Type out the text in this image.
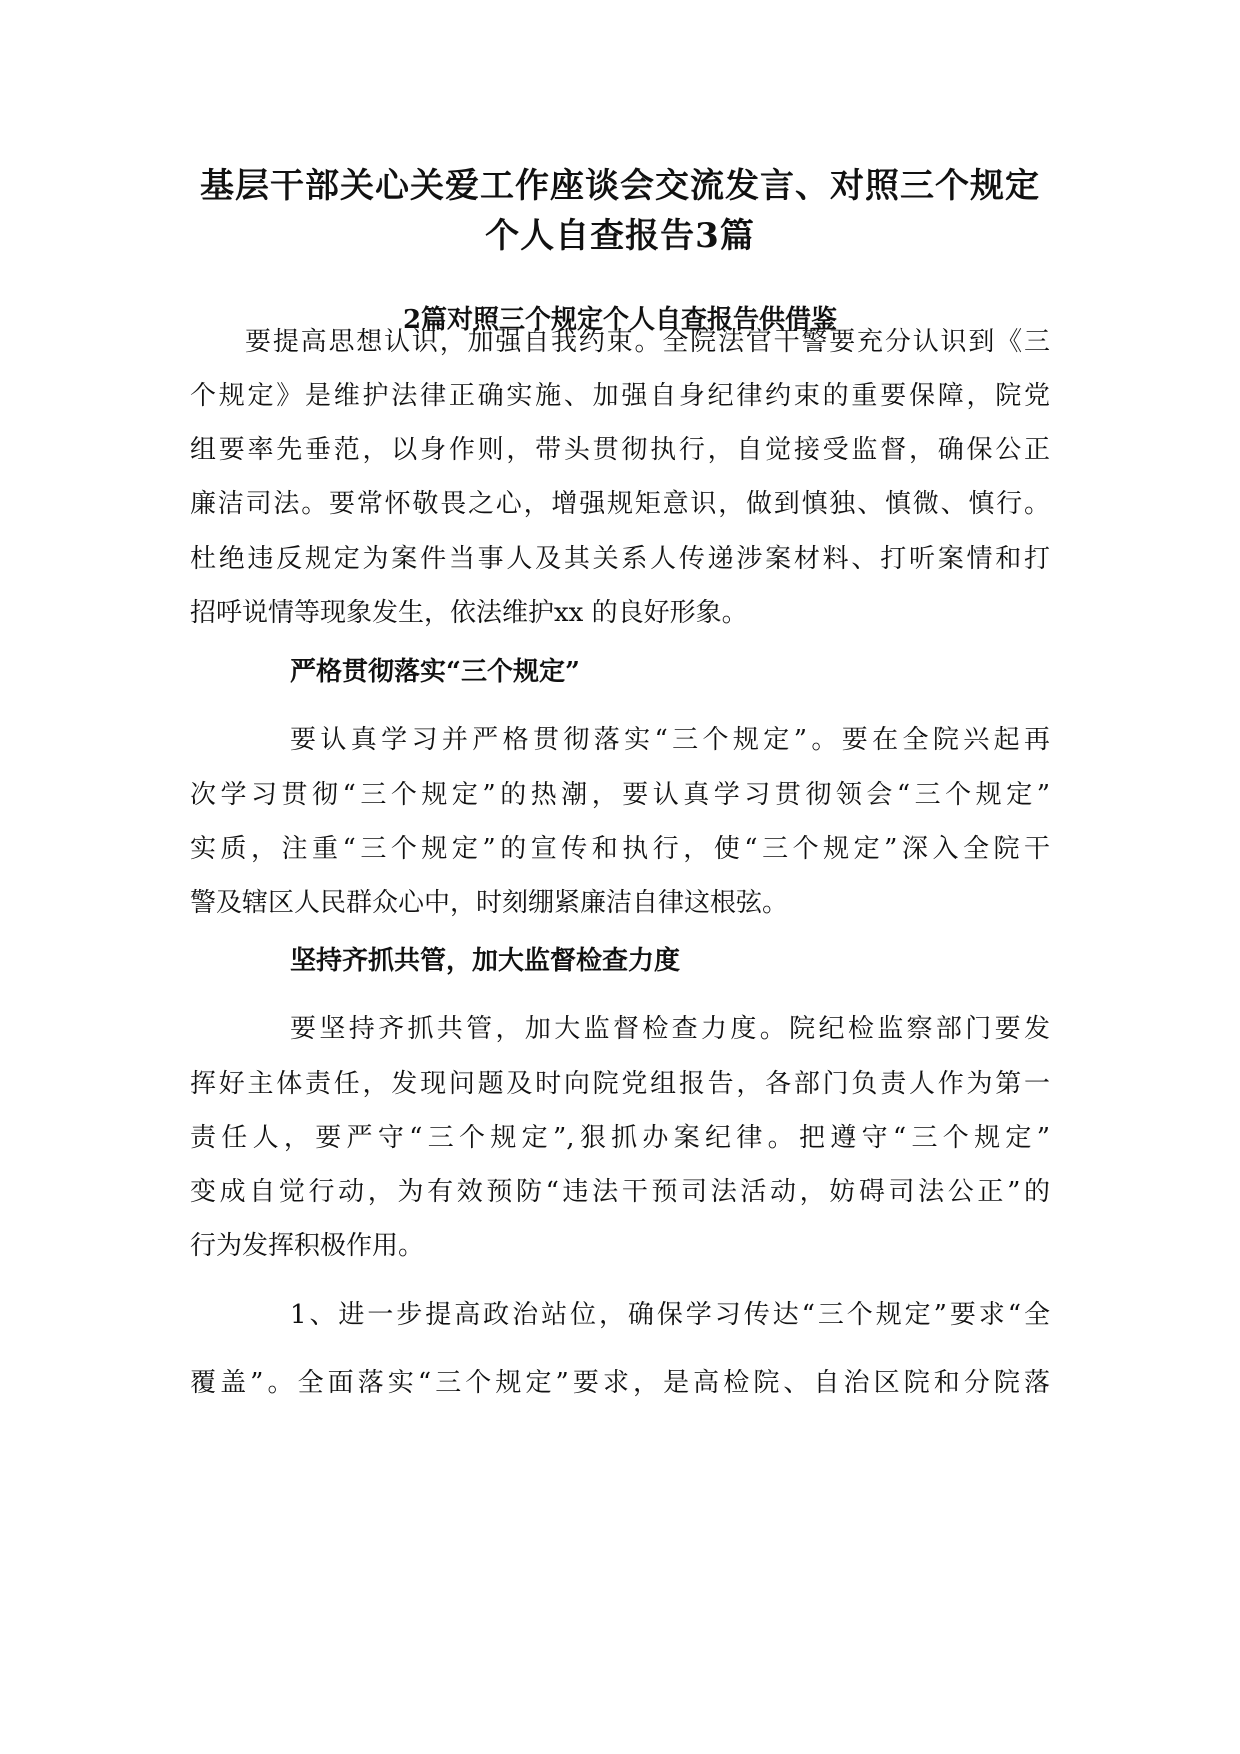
基层干部关心关爱工作座谈会交流发言、对照三个规定
个人自查报告3篇
2篇对照三个规定个人自查报告供借鉴
要提高思想认识，加强自我约束。全院法官干警要充分认识到《三
个规定》是维护法律正确实施、加强自身纪律约束的重要保障，院党
组要率先垂范，以身作则，带头贯彻执行，自觉接受监督，确保公正
廉洁司法。要常怀敬畏之心，增强规矩意识，做到慎独、慎微、慎行。
杜绝违反规定为案件当事人及其关系人传递涉案材料、打听案情和打
招呼说情等现象发生，依法维护xx 的良好形象。
严格贯彻落实“三个规定”
要认真学习并严格贯彻落实“三个规定”。要在全院兴起再
次学习贯彻“三个规定”的热潮，要认真学习贯彻领会“三个规定”
实质，注重“三个规定”的宣传和执行，使“三个规定”深入全院干
警及辖区人民群众心中，时刻绷紧廉洁自律这根弦。
坚持齐抓共管，加大监督检查力度
要坚持齐抓共管，加大监督检查力度。院纪检监察部门要发
挥好主体责任，发现问题及时向院党组报告，各部门负责人作为第一
责任人，要严守“三个规定”,狠抓办案纪律。把遵守“三个规定”
变成自觉行动，为有效预防“违法干预司法活动，妨碍司法公正”的
行为发挥积极作用。
1、进一步提高政治站位，确保学习传达“三个规定”要求“全
覆盖”。全面落实“三个规定”要求，是高检院、自治区院和分院落
